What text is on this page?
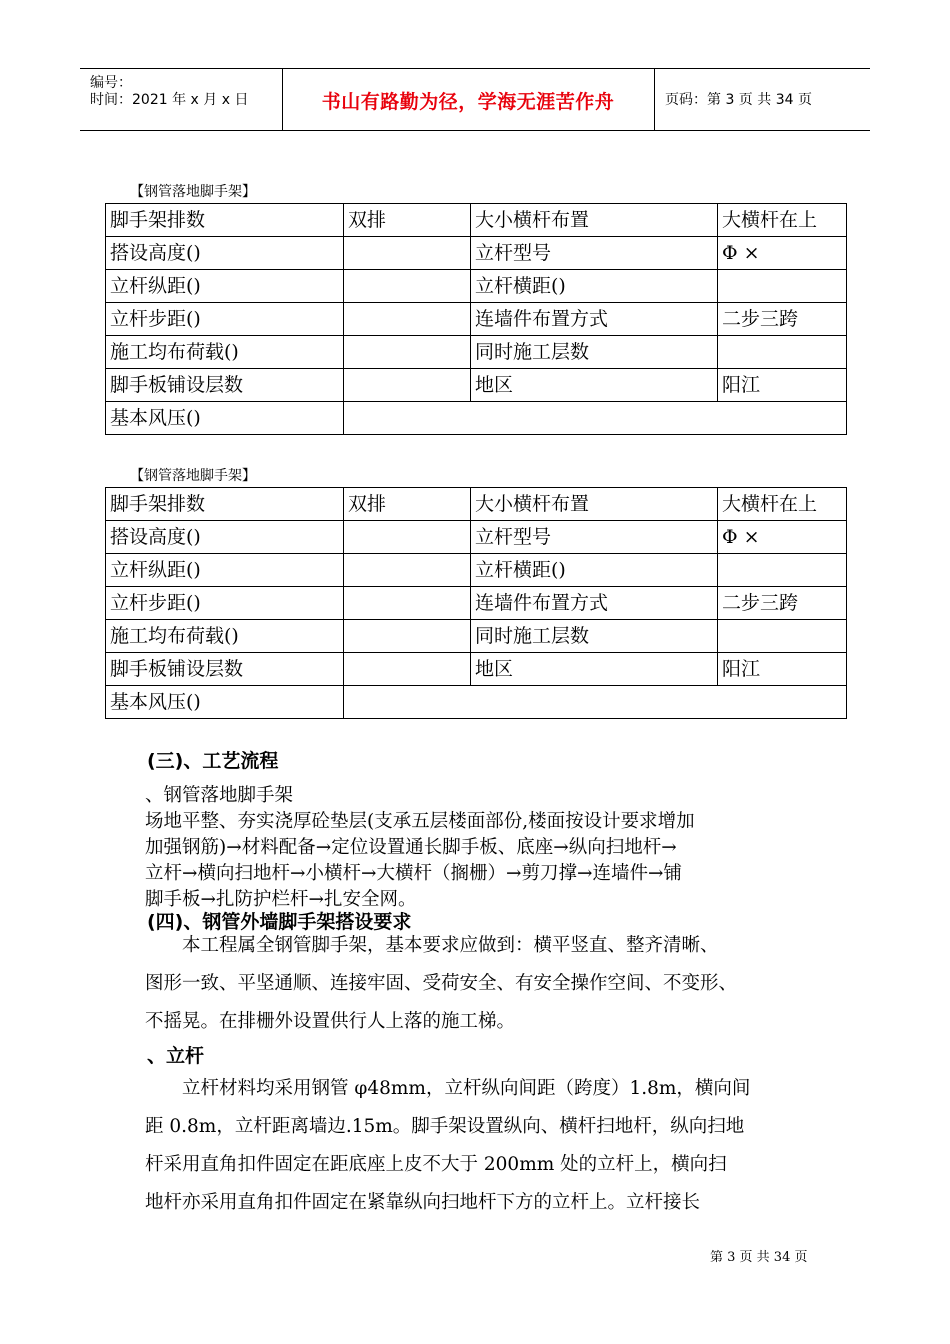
编号：
时间：2021 年 x 月 x 日	书山有路勤为径，学海无涯苦作舟	页码：第 3 页 共 34 页
【钢管落地脚手架】
脚手架排数	双排	大小横杆布置	大横杆在上
搭设高度()		立杆型号	Φ ×
立杆纵距()		立杆横距()	
立杆步距()		连墙件布置方式	二步三跨
施工均布荷载()		同时施工层数	
脚手板铺设层数		地区	阳江
基本风压()			
【钢管落地脚手架】
脚手架排数	双排	大小横杆布置	大横杆在上
搭设高度()		立杆型号	Φ ×
立杆纵距()		立杆横距()	
立杆步距()		连墙件布置方式	二步三跨
施工均布荷载()		同时施工层数	
脚手板铺设层数		地区	阳江
基本风压()			
(三)、工艺流程

、钢管落地脚手架

场地平整、夯实浇厚砼垫层(支承五层楼面部份,楼面按设计要求增加

加强钢筋)→材料配备→定位设置通长脚手板、底座→纵向扫地杆→

立杆→横向扫地杆→小横杆→大横杆（搁栅）→剪刀撑→连墙件→铺

脚手板→扎防护栏杆→扎安全网。

(四)、钢管外墙脚手架搭设要求

　　本工程属全钢管脚手架，基本要求应做到：横平竖直、整齐清晰、

图形一致、平坚通顺、连接牢固、受荷安全、有安全操作空间、不变形、

不摇晃。在排栅外设置供行人上落的施工梯。

、立杆

　　立杆材料均采用钢管 φ48mm，立杆纵向间距（跨度）1.8m，横向间

距 0.8m，立杆距离墙边.15m。脚手架设置纵向、横杆扫地杆，纵向扫地

杆采用直角扣件固定在距底座上皮不大于 200mm 处的立杆上，横向扫

地杆亦采用直角扣件固定在紧靠纵向扫地杆下方的立杆上。立杆接长

第 3 页 共 34 页
